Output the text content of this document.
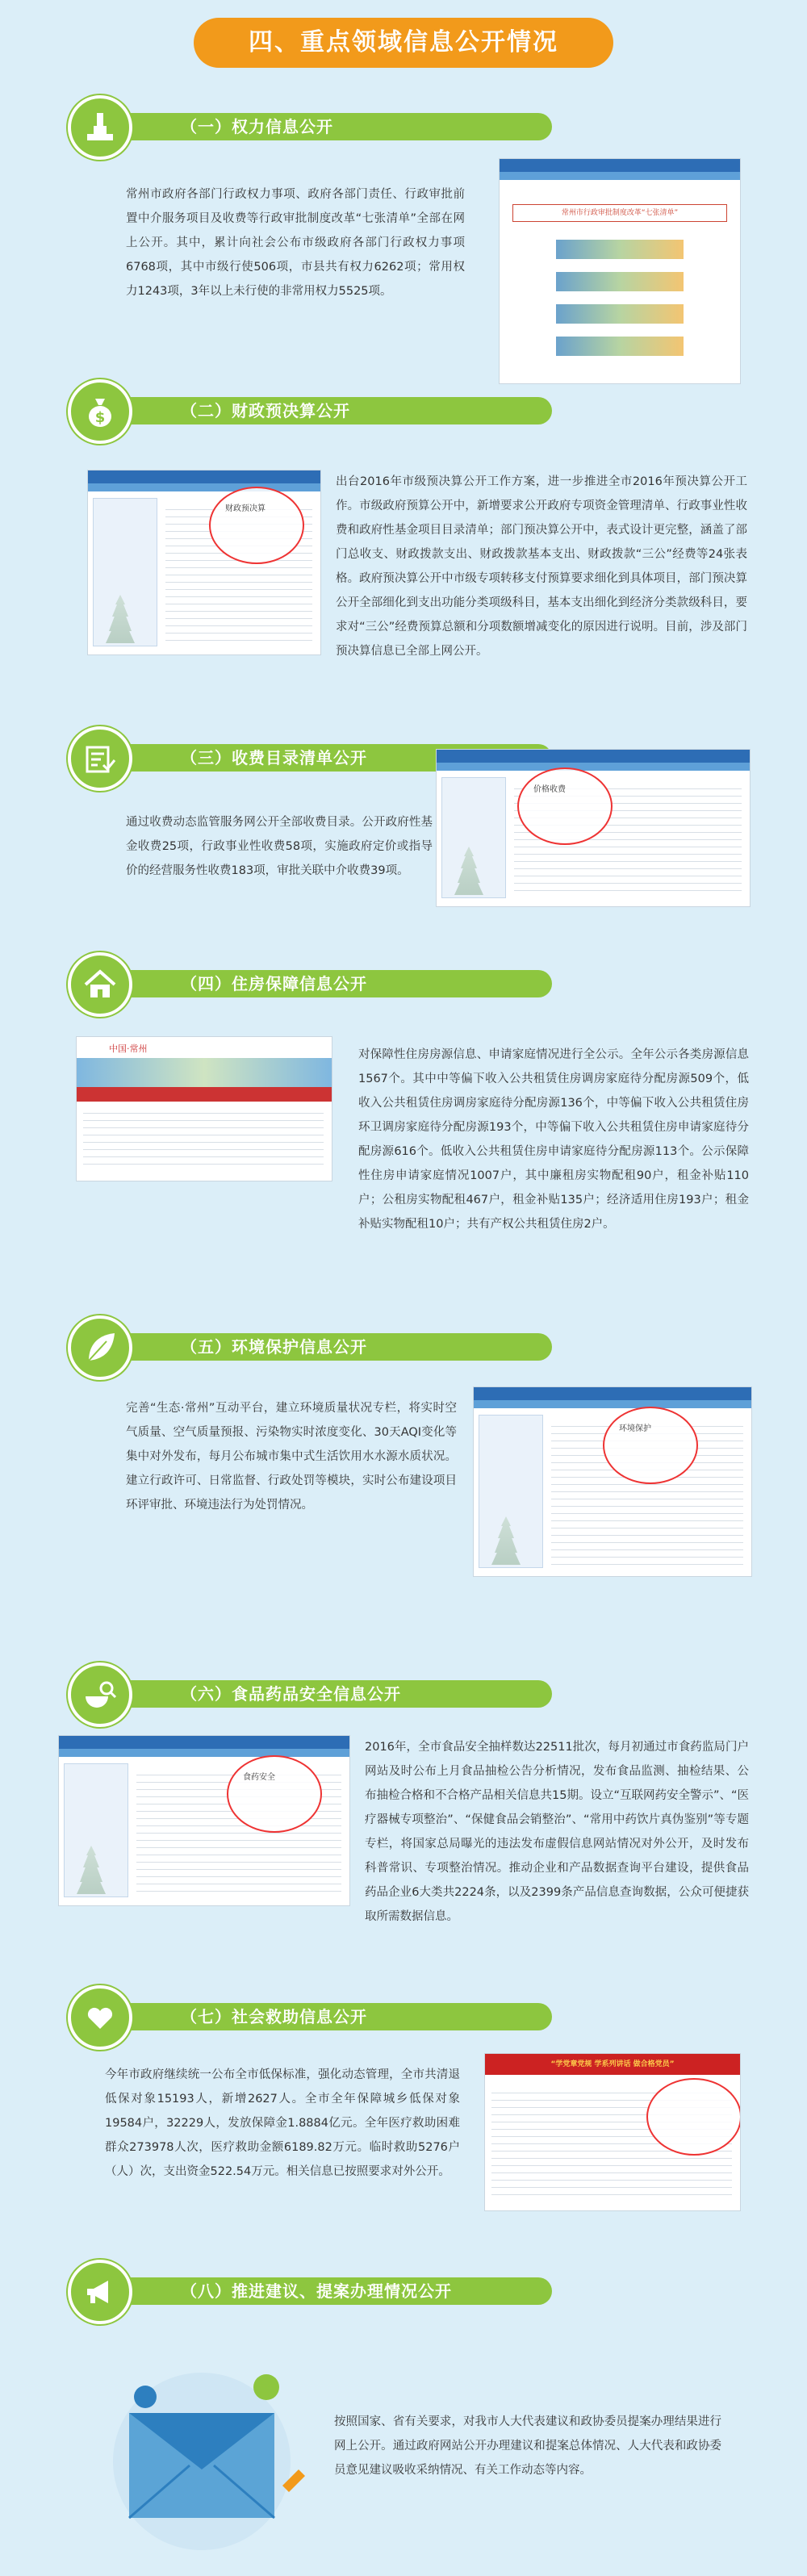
四、重点领域信息公开情况
（一）权力信息公开
常州市政府各部门行政权力事项、政府各部门责任、行政审批前置中介服务项目及收费等行政审批制度改革“七张清单”全部在网上公开。其中，累计向社会公布市级政府各部门行政权力事项6768项，其中市级行使506项，市县共有权力6262项；常用权力1243项，3年以上未行使的非常用权力5525项。
常州市行政审批制度改革“七张清单”
（二）财政预决算公开
$
财政预决算
出台2016年市级预决算公开工作方案，进一步推进全市2016年预决算公开工作。市级政府预算公开中，新增要求公开政府专项资金管理清单、行政事业性收费和政府性基金项目目录清单；部门预决算公开中，表式设计更完整，涵盖了部门总收支、财政拨款支出、财政拨款基本支出、财政拨款“三公”经费等24张表格。政府预决算公开中市级专项转移支付预算要求细化到具体项目，部门预决算公开全部细化到支出功能分类项级科目，基本支出细化到经济分类款级科目，要求对“三公”经费预算总额和分项数额增减变化的原因进行说明。目前，涉及部门预决算信息已全部上网公开。
（三）收费目录清单公开
通过收费动态监管服务网公开全部收费目录。公开政府性基金收费25项，行政事业性收费58项，实施政府定价或指导价的经营服务性收费183项，审批关联中介收费39项。
价格收费
（四）住房保障信息公开
中国·常州	对保障性住房房源信息、申请家庭情况进行全公示。全年公示各类房源信息1567个。其中中等偏下收入公共租赁住房调房家庭待分配房源509个，低收入公共租赁住房调房家庭待分配房源136个，中等偏下收入公共租赁住房环卫调房家庭待分配房源193个，中等偏下收入公共租赁住房申请家庭待分配房源616个。低收入公共租赁住房申请家庭待分配房源113个。公示保障性住房申请家庭情况1007户，其中廉租房实物配租90户，租金补贴110户；公租房实物配租467户，租金补贴135户；经济适用住房193户；租金补贴实物配租10户；共有产权公共租赁住房2户。
（五）环境保护信息公开
完善“生态·常州”互动平台，建立环境质量状况专栏，将实时空气质量、空气质量预报、污染物实时浓度变化、30天AQI变化等集中对外发布，每月公布城市集中式生活饮用水水源水质状况。建立行政许可、日常监督、行政处罚等模块，实时公布建设项目环评审批、环境违法行为处罚情况。
环境保护
（六）食品药品安全信息公开
食药安全
2016年，全市食品安全抽样数达22511批次，每月初通过市食药监局门户网站及时公布上月食品抽检公告分析情况，发布食品监测、抽检结果、公布抽检合格和不合格产品相关信息共15期。设立“互联网药安全警示”、“医疗器械专项整治”、“保健食品会销整治”、“常用中药饮片真伪鉴别”等专题专栏，将国家总局曝光的违法发布虚假信息网站情况对外公开，及时发布科普常识、专项整治情况。推动企业和产品数据查询平台建设，提供食品药品企业6大类共2224条，以及2399条产品信息查询数据，公众可便捷获取所需数据信息。
（七）社会救助信息公开
今年市政府继续统一公布全市低保标准，强化动态管理，全市共清退低保对象15193人，新增2627人。全市全年保障城乡低保对象19584户，32229人，发放保障金1.8884亿元。全年医疗救助困难群众273978人次，医疗救助金额6189.82万元。临时救助5276户（人）次，支出资金522.54万元。相关信息已按照要求对外公开。
“学党章党规 学系列讲话 做合格党员”
（八）推进建议、提案办理情况公开
按照国家、省有关要求，对我市人大代表建议和政协委员提案办理结果进行网上公开。通过政府网站公开办理建议和提案总体情况、人大代表和政协委员意见建议吸收采纳情况、有关工作动态等内容。
